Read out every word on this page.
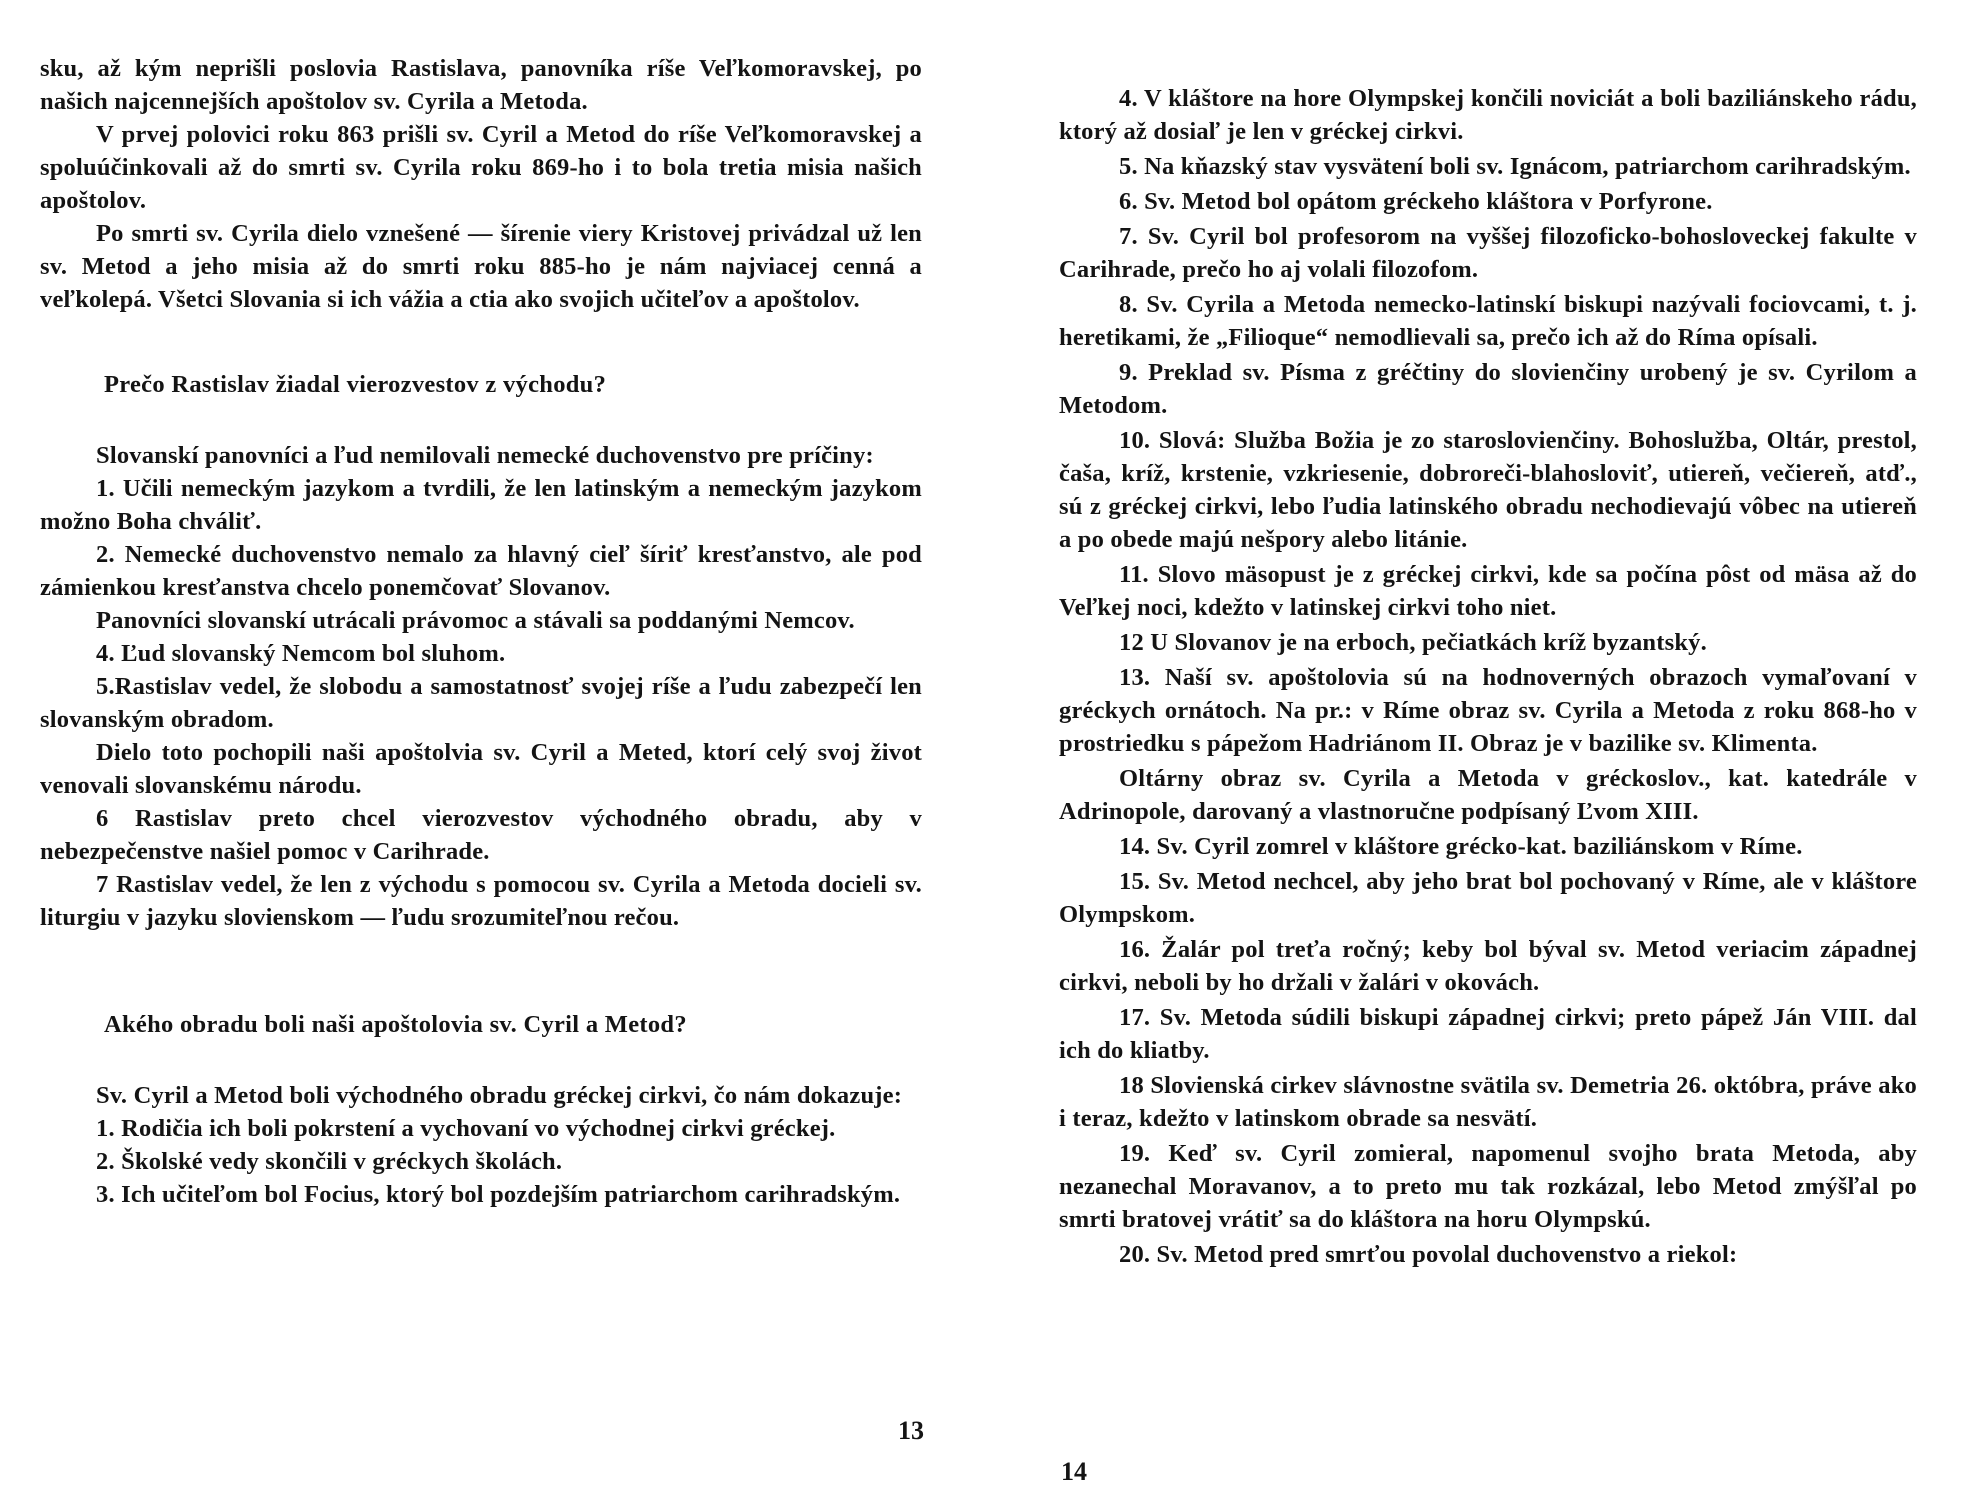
sku, až kým neprišli poslovia Rastislava, panovníka ríše Veľkomoravskej, po našich najcennejších apoštolov sv. Cyrila a Metoda.

V prvej polovici roku 863 prišli sv. Cyril a Metod do ríše Veľkomoravskej a spoluúčinkovali až do smrti sv. Cyrila roku 869-ho i to bola tretia misia našich apoštolov.

Po smrti sv. Cyrila dielo vznešené — šírenie viery Kristovej privádzal už len sv. Metod a jeho misia až do smrti roku 885-ho je nám najviacej cenná a veľkolepá. Všetci Slovania si ich vážia a ctia ako svojich učiteľov a apoštolov.

Prečo Rastislav žiadal vierozvestov z východu?

Slovanskí panovníci a ľud nemilovali nemecké duchovenstvo pre príčiny:

1. Učili nemeckým jazykom a tvrdili, že len latinským a nemeckým jazykom možno Boha chváliť.

2. Nemecké duchovenstvo nemalo za hlavný cieľ šíriť kresťanstvo, ale pod zámienkou kresťanstva chcelo ponemčovať Slovanov.

Panovníci slovanskí utrácali právomoc a stávali sa poddanými Nemcov.

4. Ľud slovanský Nemcom bol sluhom.

5.Rastislav vedel, že slobodu a samostatnosť svojej ríše a ľudu zabezpečí len slovanským obradom.

Dielo toto pochopili naši apoštolvia sv. Cyril a Meted, ktorí celý svoj život venovali slovanskému národu.

6 Rastislav preto chcel vierozvestov východného obradu, aby v nebezpečenstve našiel pomoc v Carihrade.

7 Rastislav vedel, že len z východu s pomocou sv. Cyrila a Metoda docieli sv. liturgiu v jazyku slovienskom — ľudu srozumiteľnou rečou.

Akého obradu boli naši apoštolovia sv. Cyril a Metod?

Sv. Cyril a Metod boli východného obradu gréckej cirkvi, čo nám dokazuje:

1. Rodičia ich boli pokrstení a vychovaní vo východnej cirkvi gréckej.

2. Školské vedy skončili v gréckych školách.

3. Ich učiteľom bol Focius, ktorý bol pozdejším patriarchom carihradským.

13

4. V kláštore na hore Olympskej končili noviciát a boli baziliánskeho rádu, ktorý až dosiaľ je len v gréckej cirkvi.

5. Na kňazský stav vysvätení boli sv. Ignácom, patriarchom carihradským.

6. Sv. Metod bol opátom gréckeho kláštora v Porfyrone.

7. Sv. Cyril bol profesorom na vyššej filozoficko-bohosloveckej fakulte v Carihrade, prečo ho aj volali filozofom.

8. Sv. Cyrila a Metoda nemecko-latinskí biskupi nazývali fociovcami, t. j. heretikami, že „Filioque“ nemodlievali sa, prečo ich až do Ríma opísali.

9. Preklad sv. Písma z gréčtiny do slovienčiny urobený je sv. Cyrilom a Metodom.

10. Slová: Služba Božia je zo staroslovienčiny. Bohoslužba, Oltár, prestol, čaša, kríž, krstenie, vzkriesenie, dobroreči-blahosloviť, utiereň, večiereň, atď., sú z gréckej cirkvi, lebo ľudia latinského obradu nechodievajú vôbec na utiereň a po obede majú nešpory alebo litánie.

11. Slovo mäsopust je z gréckej cirkvi, kde sa počína pôst od mäsa až do Veľkej noci, kdežto v latinskej cirkvi toho niet.

12 U Slovanov je na erboch, pečiatkách kríž byzantský.

13. Naší sv. apoštolovia sú na hodnoverných obrazoch vymaľovaní v gréckych ornátoch. Na pr.: v Ríme obraz sv. Cyrila a Metoda z roku 868-ho v prostriedku s pápežom Hadriánom II. Obraz je v bazilike sv. Klimenta.

Oltárny obraz sv. Cyrila a Metoda v gréckoslov., kat. katedrále v Adrinopole, darovaný a vlastnoručne podpísaný Ľvom XIII.

14. Sv. Cyril zomrel v kláštore grécko-kat. baziliánskom v Ríme.

15. Sv. Metod nechcel, aby jeho brat bol pochovaný v Ríme, ale v kláštore Olympskom.

16. Žalár pol treťa ročný; keby bol býval sv. Metod veriacim západnej cirkvi, neboli by ho držali v žalári v okovách.

17. Sv. Metoda súdili biskupi západnej cirkvi; preto pápež Ján VIII. dal ich do kliatby.

18 Slovienská cirkev slávnostne svätila sv. Demetria 26. októbra, práve ako i teraz, kdežto v latinskom obrade sa nesvätí.

19. Keď sv. Cyril zomieral, napomenul svojho brata Metoda, aby nezanechal Moravanov, a to preto mu tak rozkázal, lebo Metod zmýšľal po smrti bratovej vrátiť sa do kláštora na horu Olympskú.

20. Sv. Metod pred smrťou povolal duchovenstvo a riekol:

14
